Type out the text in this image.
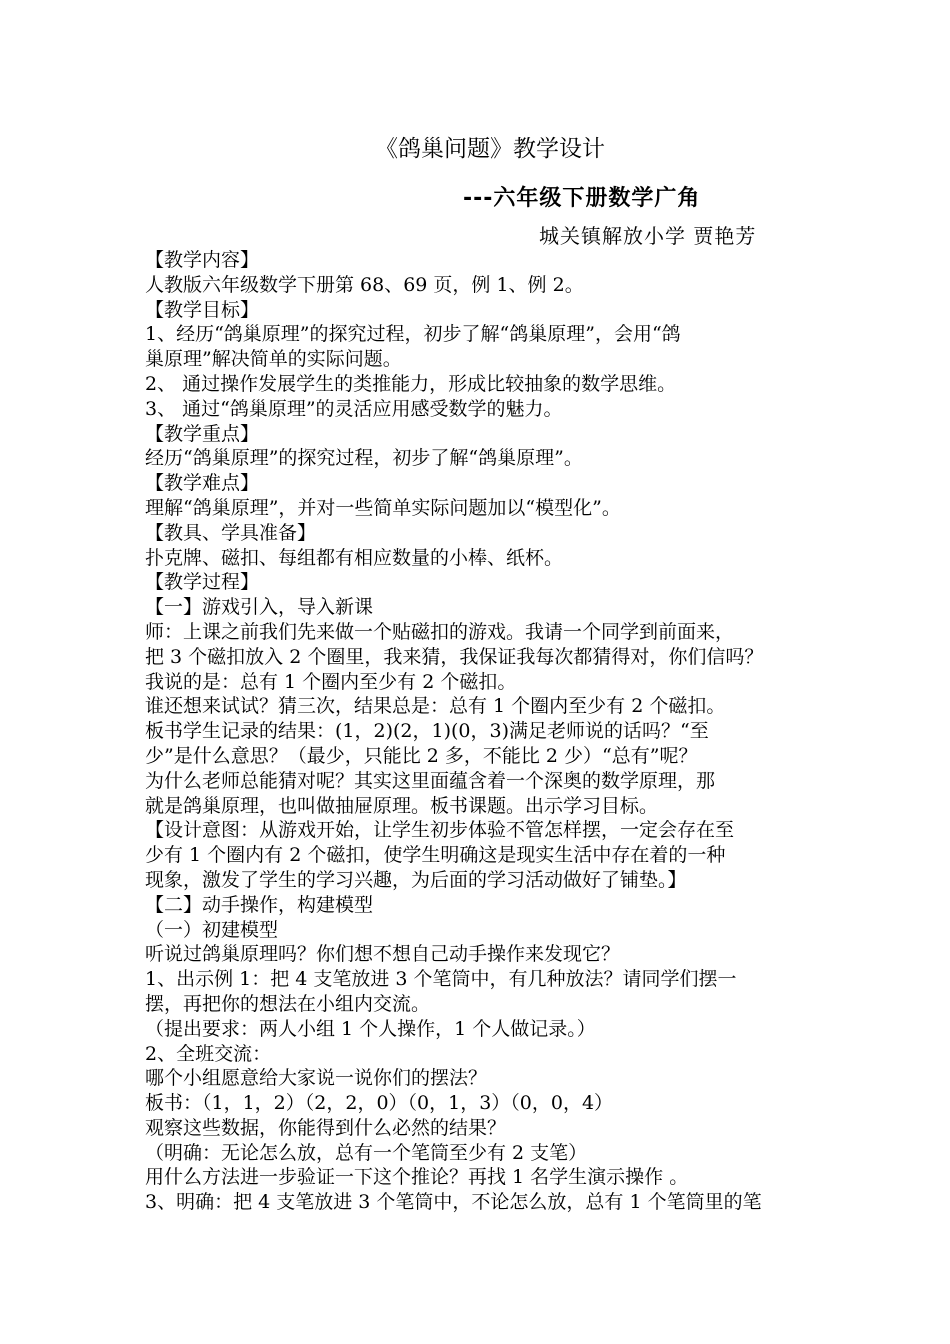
《鸽巢问题》教学设计
---六年级下册数学广角
城关镇解放小学 贾艳芳

【教学内容】

人教版六年级数学下册第 68、69 页，例 1、例 2。

【教学目标】

1、经历“鸽巢原理”的探究过程，初步了解“鸽巢原理”，会用“鸽

巢原理”解决简单的实际问题。

2、 通过操作发展学生的类推能力，形成比较抽象的数学思维。

3、 通过“鸽巢原理”的灵活应用感受数学的魅力。

【教学重点】

经历“鸽巢原理”的探究过程，初步了解“鸽巢原理”。

【教学难点】

理解“鸽巢原理”，并对一些简单实际问题加以“模型化”。

【教具、学具准备】

扑克牌、磁扣、每组都有相应数量的小棒、纸杯。

【教学过程】

【一】游戏引入，导入新课

师：上课之前我们先来做一个贴磁扣的游戏。我请一个同学到前面来，

把 3 个磁扣放入 2 个圈里，我来猜，我保证我每次都猜得对，你们信吗？

我说的是：总有 1 个圈内至少有 2 个磁扣。

谁还想来试试？猜三次，结果总是：总有 1 个圈内至少有 2 个磁扣。

板书学生记录的结果：(1，2)(2，1)(0，3)满足老师说的话吗？“至

少”是什么意思？（最少，只能比 2 多，不能比 2 少）“总有”呢？

为什么老师总能猜对呢？其实这里面蕴含着一个深奥的数学原理，那

就是鸽巢原理，也叫做抽屉原理。板书课题。出示学习目标。

【设计意图：从游戏开始，让学生初步体验不管怎样摆，一定会存在至

少有 1 个圈内有 2 个磁扣，使学生明确这是现实生活中存在着的一种

现象，激发了学生的学习兴趣，为后面的学习活动做好了铺垫。】

【二】动手操作，构建模型

（一）初建模型

听说过鸽巢原理吗？你们想不想自己动手操作来发现它？

1、出示例 1：把 4 支笔放进 3 个笔筒中，有几种放法？请同学们摆一

摆，再把你的想法在小组内交流。

（提出要求：两人小组 1 个人操作，1 个人做记录。）

2、全班交流：

哪个小组愿意给大家说一说你们的摆法？

板书：（1，1，2）（2，2，0）（0，1，3）（0，0，4）

观察这些数据，你能得到什么必然的结果？

（明确：无论怎么放，总有一个笔筒至少有 2 支笔）

用什么方法进一步验证一下这个推论？再找 1 名学生演示操作 。

3、明确：把 4 支笔放进 3 个笔筒中，不论怎么放，总有 1 个笔筒里的笔
